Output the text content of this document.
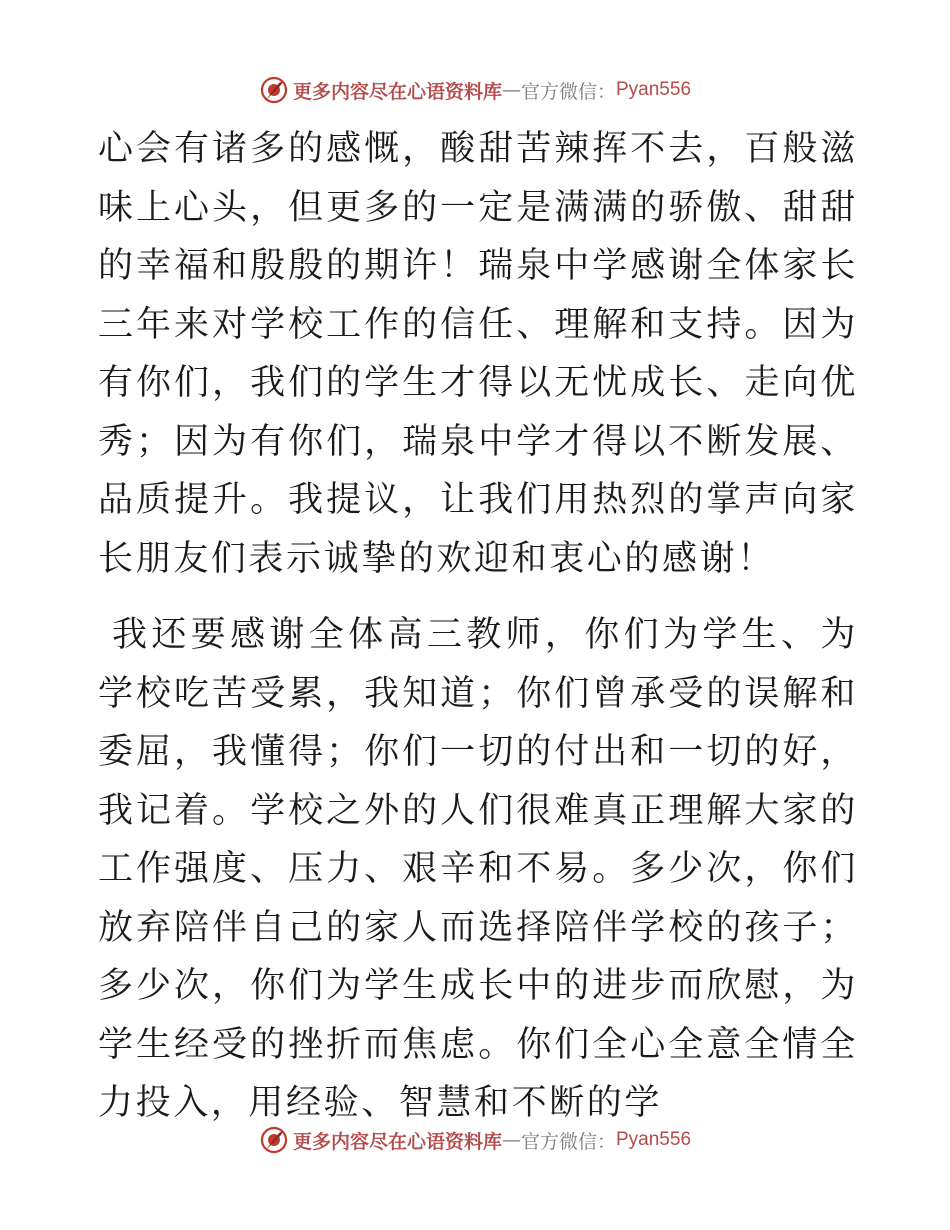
更多内容尽在心语资料库 — 官方微信： Pyan556

心会有诸多的感慨，酸甜苦辣挥不去，百般滋味上心头，但更多的一定是满满的骄傲、甜甜的幸福和殷殷的期许！瑞泉中学感谢全体家长三年来对学校工作的信任、理解和支持。因为有你们，我们的学生才得以无忧成长、走向优秀；因为有你们，瑞泉中学才得以不断发展、品质提升。我提议，让我们用热烈的掌声向家长朋友们表示诚挚的欢迎和衷心的感谢！

我还要感谢全体高三教师，你们为学生、为学校吃苦受累，我知道；你们曾承受的误解和委屈，我懂得；你们一切的付出和一切的好，我记着。学校之外的人们很难真正理解大家的工作强度、压力、艰辛和不易。多少次，你们放弃陪伴自己的家人而选择陪伴学校的孩子；多少次，你们为学生成长中的进步而欣慰，为学生经受的挫折而焦虑。你们全心全意全情全力投入，用经验、智慧和不断的学

更多内容尽在心语资料库 — 官方微信： Pyan556
